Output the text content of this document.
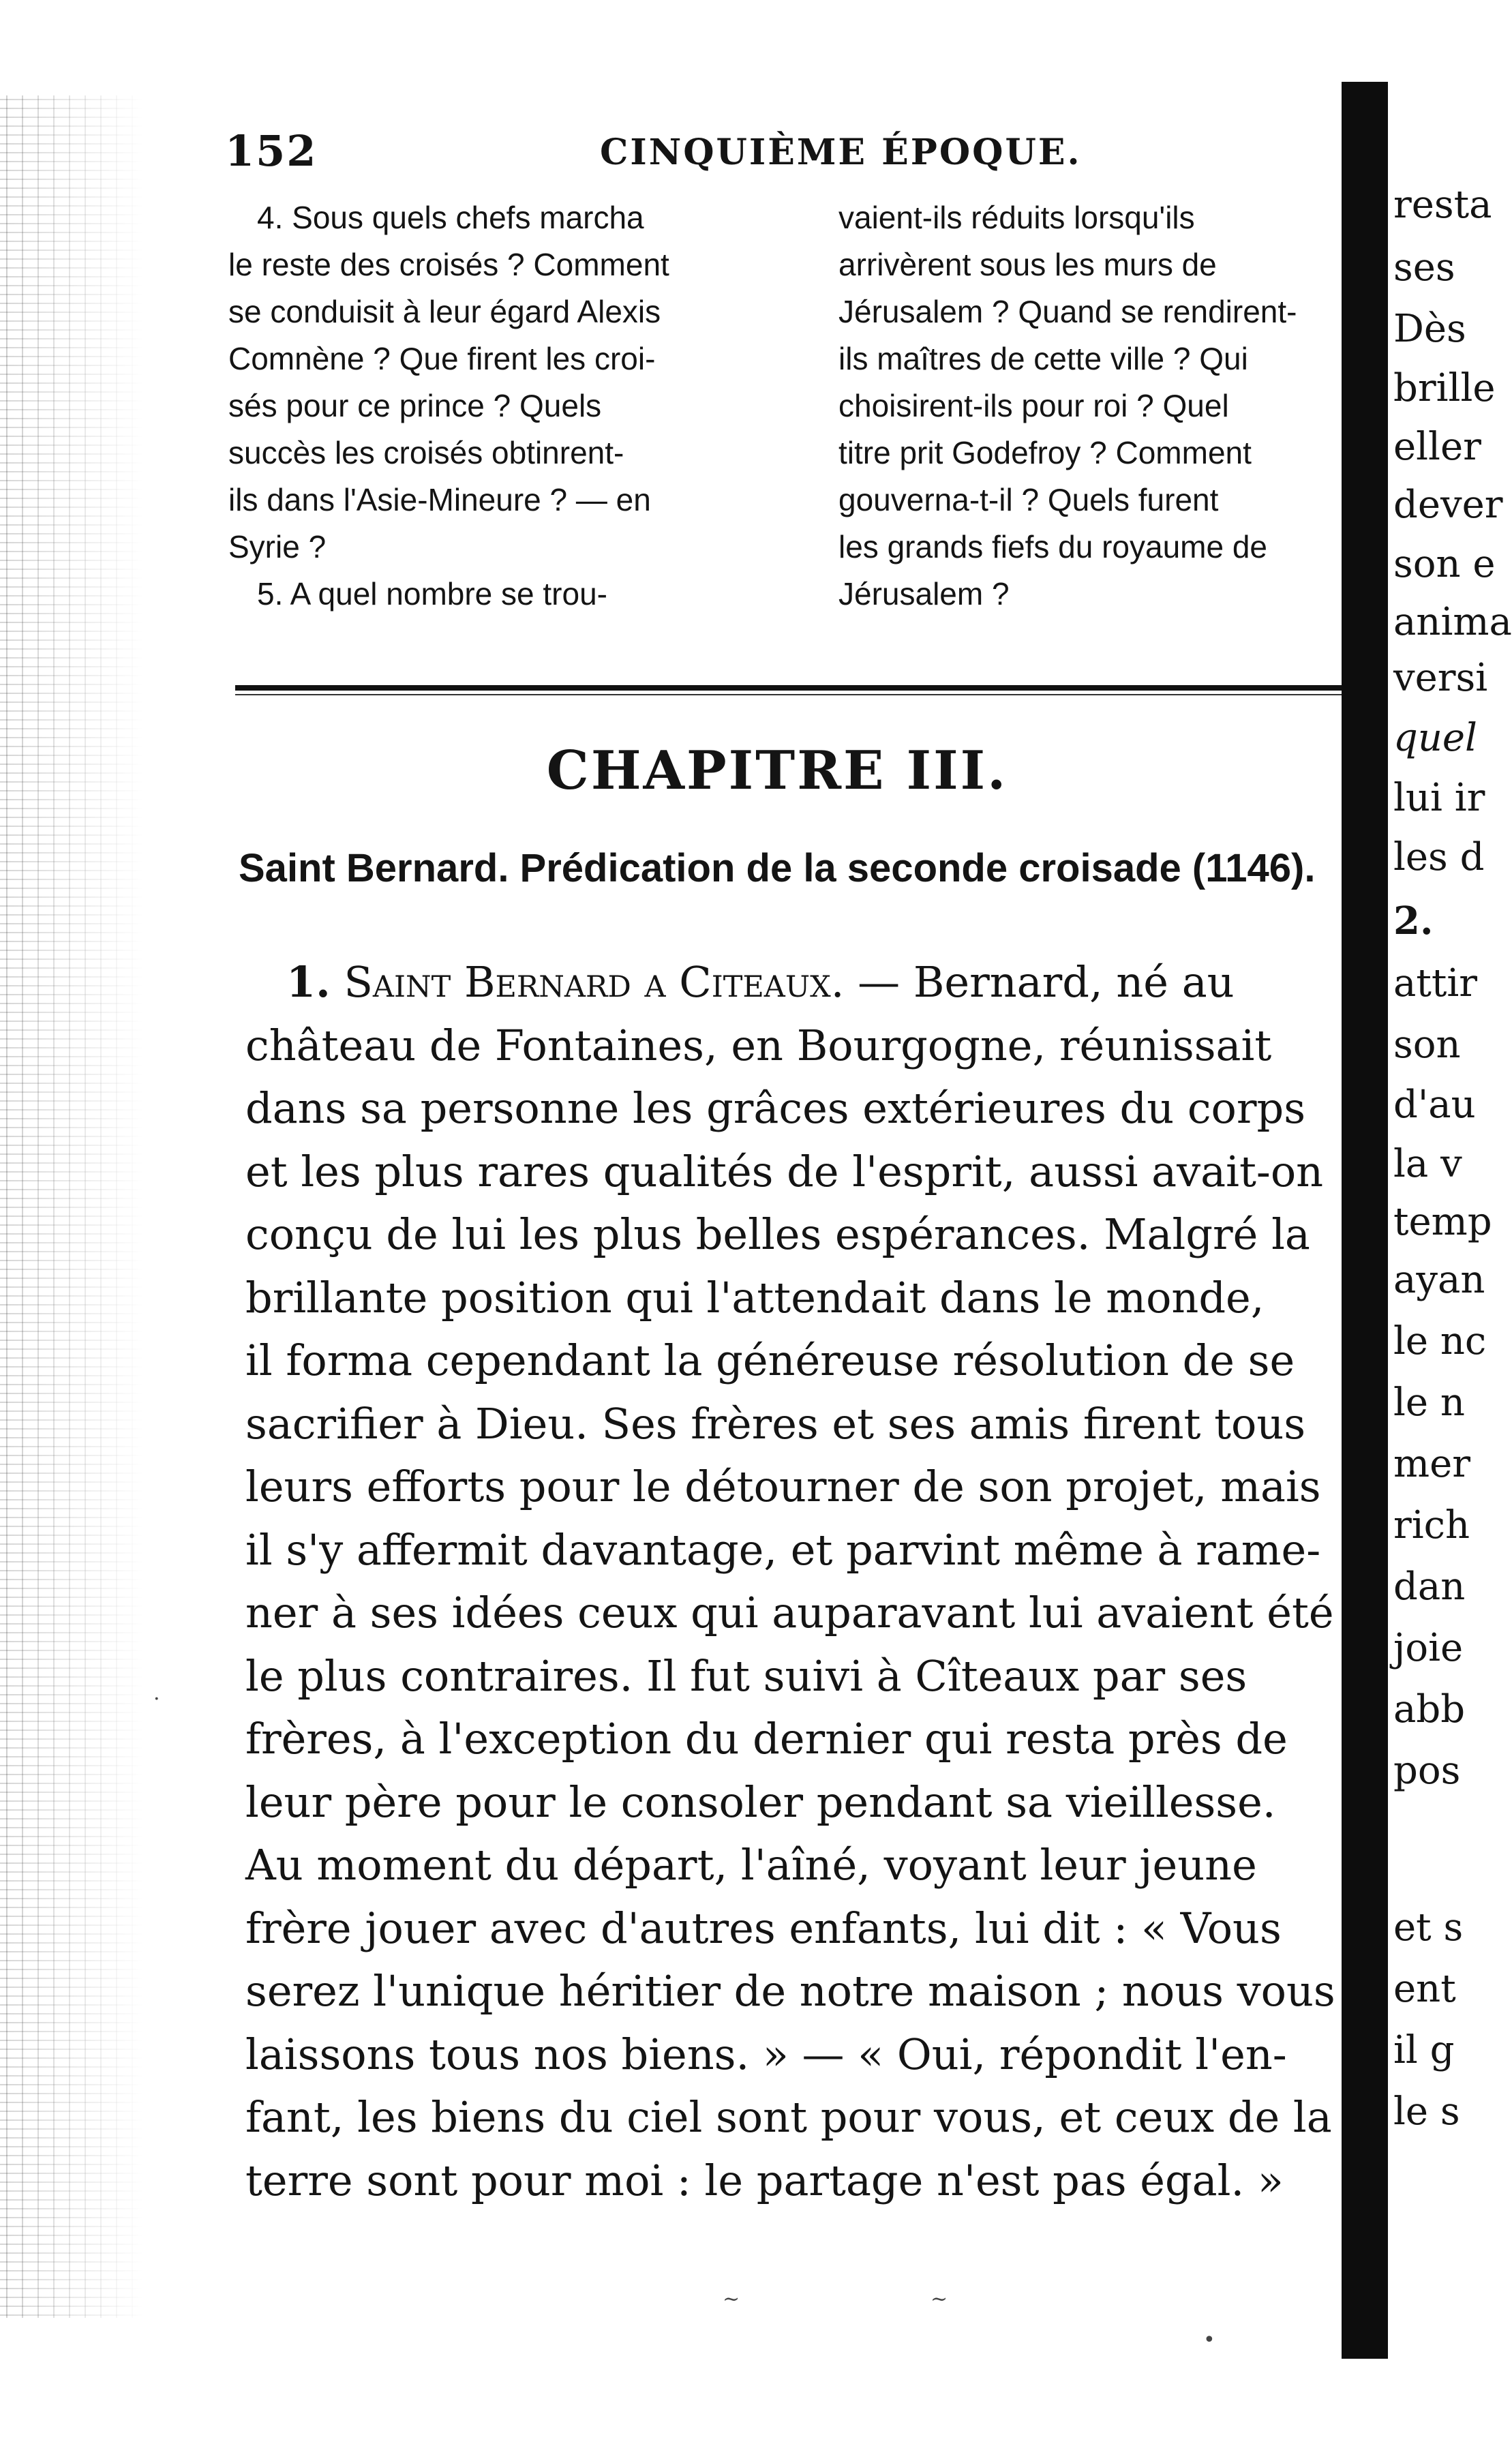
152	CINQUIÈME ÉPOQUE.

4. Sous quels chefs marcha

le reste des croisés ? Comment

se conduisit à leur égard Alexis

Comnène ? Que firent les croi-

sés pour ce prince ? Quels

succès les croisés obtinrent-

ils dans l'Asie-Mineure ? — en

Syrie ?

5. A quel nombre se trou-

vaient-ils réduits lorsqu'ils

arrivèrent sous les murs de

Jérusalem ? Quand se rendirent-

ils maîtres de cette ville ? Qui

choisirent-ils pour roi ? Quel

titre prit Godefroy ? Comment

gouverna-t-il ? Quels furent

les grands fiefs du royaume de

Jérusalem ?

CHAPITRE III.
Saint Bernard. Prédication de la seconde croisade (1146).
1. Saint Bernard a Citeaux. — Bernard, né au
château de Fontaines, en Bourgogne, réunissait
dans sa personne les grâces extérieures du corps
et les plus rares qualités de l'esprit, aussi avait-on
conçu de lui les plus belles espérances. Malgré la
brillante position qui l'attendait dans le monde,
il forma cependant la généreuse résolution de se
sacrifier à Dieu. Ses frères et ses amis firent tous
leurs efforts pour le détourner de son projet, mais
il s'y affermit davantage, et parvint même à rame-
ner à ses idées ceux qui auparavant lui avaient été
le plus contraires. Il fut suivi à Cîteaux par ses
frères, à l'exception du dernier qui resta près de
leur père pour le consoler pendant sa vieillesse.
Au moment du départ, l'aîné, voyant leur jeune
frère jouer avec d'autres enfants, lui dit : « Vous
serez l'unique héritier de notre maison ; nous vous
laissons tous nos biens. » — « Oui, répondit l'en-
fant, les biens du ciel sont pour vous, et ceux de la
terre sont pour moi : le partage n'est pas égal. »
resta
ses
Dès
brille
eller
dever
son e
anima
versi
quel
lui ir
les d
2.
attir
son
d'au
la v
temp
ayan
le nc
le n
mer
rich
dan
joie
abb
pos
et s
ent
il g
le s
·
~	~
•
